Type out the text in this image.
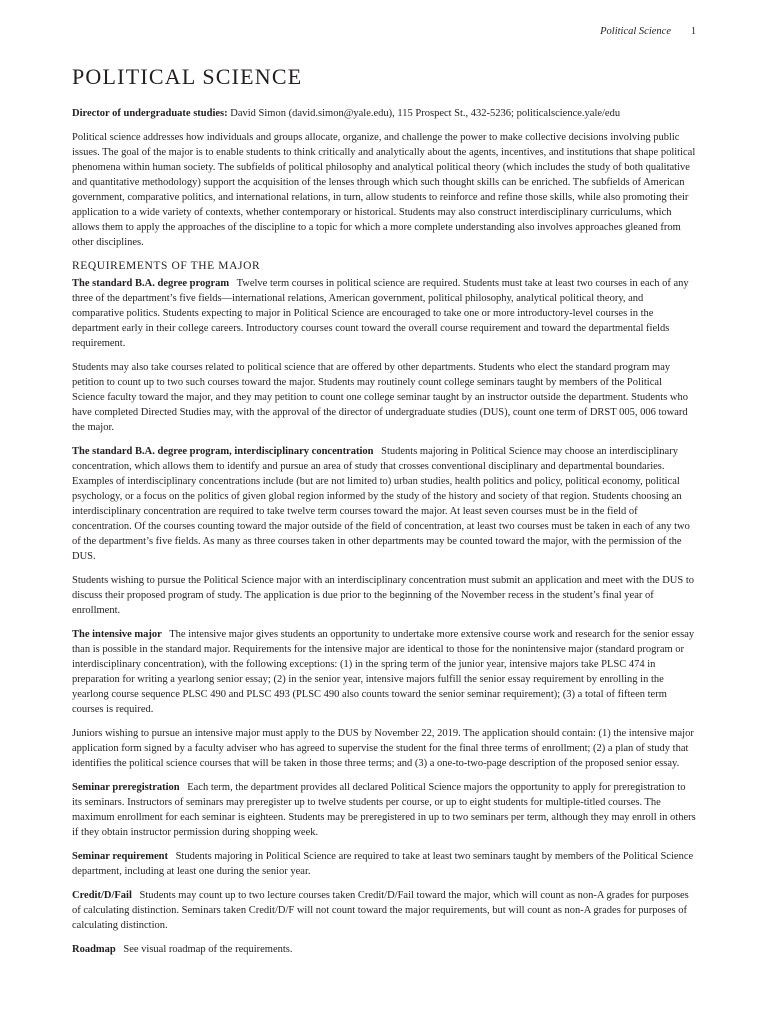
Political Science 1
POLITICAL SCIENCE

Director of undergraduate studies: David Simon (david.simon@yale.edu), 115 Prospect St., 432-5236; politicalscience.yale/edu

Political science addresses how individuals and groups allocate, organize, and challenge the power to make collective decisions involving public issues. The goal of the major is to enable students to think critically and analytically about the agents, incentives, and institutions that shape political phenomena within human society. The subfields of political philosophy and analytical political theory (which includes the study of both qualitative and quantitative methodology) support the acquisition of the lenses through which such thought skills can be enriched. The subfields of American government, comparative politics, and international relations, in turn, allow students to reinforce and refine those skills, while also promoting their application to a wide variety of contexts, whether contemporary or historical. Students may also construct interdisciplinary curriculums, which allows them to apply the approaches of the discipline to a topic for which a more complete understanding also involves approaches gleaned from other disciplines.

REQUIREMENTS OF THE MAJOR

The standard B.A. degree program Twelve term courses in political science are required. Students must take at least two courses in each of any three of the department’s five fields—international relations, American government, political philosophy, analytical political theory, and comparative politics. Students expecting to major in Political Science are encouraged to take one or more introductory-level courses in the department early in their college careers. Introductory courses count toward the overall course requirement and toward the departmental fields requirement.

Students may also take courses related to political science that are offered by other departments. Students who elect the standard program may petition to count up to two such courses toward the major. Students may routinely count college seminars taught by members of the Political Science faculty toward the major, and they may petition to count one college seminar taught by an instructor outside the department. Students who have completed Directed Studies may, with the approval of the director of undergraduate studies (DUS), count one term of DRST 005, 006 toward the major.

The standard B.A. degree program, interdisciplinary concentration Students majoring in Political Science may choose an interdisciplinary concentration, which allows them to identify and pursue an area of study that crosses conventional disciplinary and departmental boundaries. Examples of interdisciplinary concentrations include (but are not limited to) urban studies, health politics and policy, political economy, political psychology, or a focus on the politics of given global region informed by the study of the history and society of that region. Students choosing an interdisciplinary concentration are required to take twelve term courses toward the major. At least seven courses must be in the field of concentration. Of the courses counting toward the major outside of the field of concentration, at least two courses must be taken in each of any two of the department’s five fields. As many as three courses taken in other departments may be counted toward the major, with the permission of the DUS.

Students wishing to pursue the Political Science major with an interdisciplinary concentration must submit an application and meet with the DUS to discuss their proposed program of study. The application is due prior to the beginning of the November recess in the student’s final year of enrollment.

The intensive major The intensive major gives students an opportunity to undertake more extensive course work and research for the senior essay than is possible in the standard major. Requirements for the intensive major are identical to those for the nonintensive major (standard program or interdisciplinary concentration), with the following exceptions: (1) in the spring term of the junior year, intensive majors take PLSC 474 in preparation for writing a yearlong senior essay; (2) in the senior year, intensive majors fulfill the senior essay requirement by enrolling in the yearlong course sequence PLSC 490 and PLSC 493 (PLSC 490 also counts toward the senior seminar requirement); (3) a total of fifteen term courses is required.

Juniors wishing to pursue an intensive major must apply to the DUS by November 22, 2019. The application should contain: (1) the intensive major application form signed by a faculty adviser who has agreed to supervise the student for the final three terms of enrollment; (2) a plan of study that identifies the political science courses that will be taken in those three terms; and (3) a one-to-two-page description of the proposed senior essay.

Seminar preregistration Each term, the department provides all declared Political Science majors the opportunity to apply for preregistration to its seminars. Instructors of seminars may preregister up to twelve students per course, or up to eight students for multiple-titled courses. The maximum enrollment for each seminar is eighteen. Students may be preregistered in up to two seminars per term, although they may enroll in others if they obtain instructor permission during shopping week.

Seminar requirement Students majoring in Political Science are required to take at least two seminars taught by members of the Political Science department, including at least one during the senior year.

Credit/D/Fail Students may count up to two lecture courses taken Credit/D/Fail toward the major, which will count as non-A grades for purposes of calculating distinction. Seminars taken Credit/D/F will not count toward the major requirements, but will count as non-A grades for purposes of calculating distinction.

Roadmap See visual roadmap of the requirements.
